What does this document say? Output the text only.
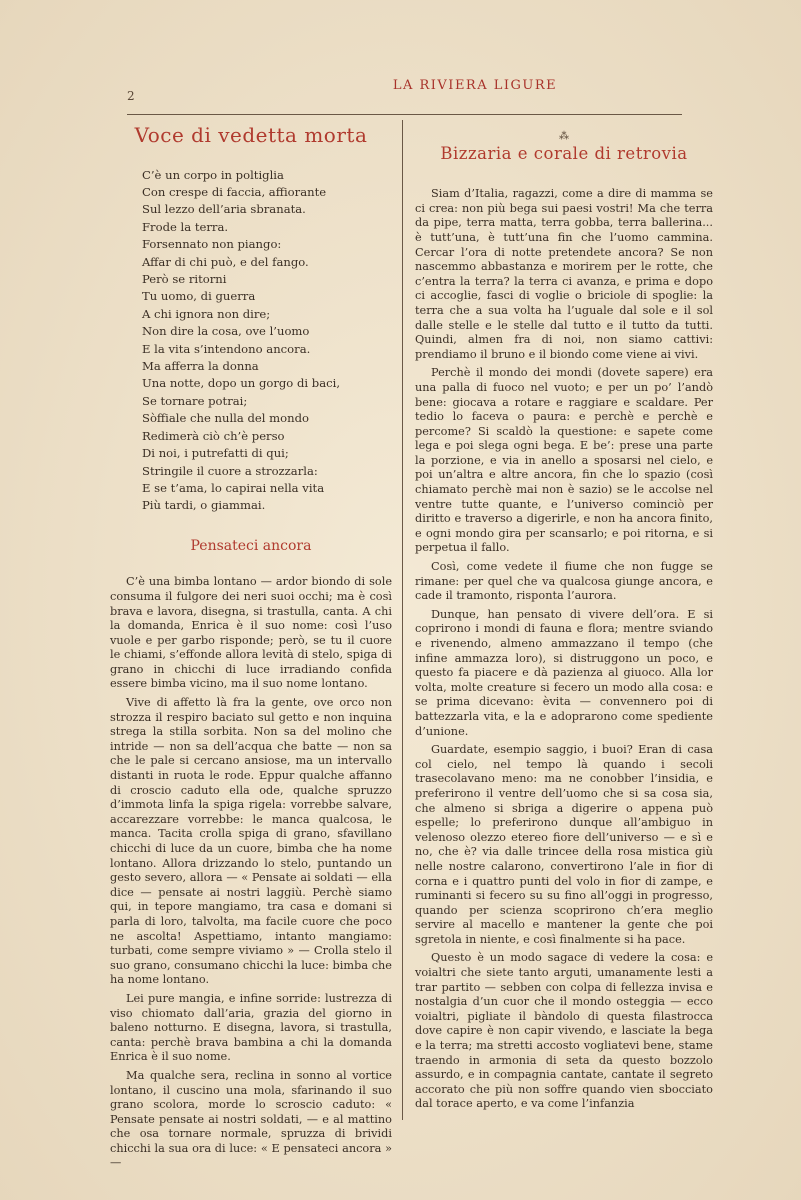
2
LA RIVIERA LIGURE
Voce di vedetta morta
C’è un corpo in poltiglia
Con crespe di faccia, affiorante
Sul lezzo dell’aria sbranata.
Frode la terra.
Forsennato non piango:
Affar di chi può, e del fango.
Però se ritorni
Tu uomo, di guerra
A chi ignora non dire;
Non dire la cosa, ove l’uomo
E la vita s’intendono ancora.
Ma afferra la donna
Una notte, dopo un gorgo di baci,
Se tornare potrai;
Sòffiale che nulla del mondo
Redimerà ciò ch’è perso
Di noi, i putrefatti di qui;
Stringile il cuore a strozzarla:
E se t’ama, lo capirai nella vita
Più tardi, o giammai.
Pensateci ancora

C’è una bimba lontano — ardor biondo di sole consuma il fulgore dei neri suoi occhi; ma è così brava e lavora, disegna, si trastulla, canta. A chi la domanda, Enrica è il suo nome: così l’uso vuole e per garbo risponde; però, se tu il cuore le chiami, s’effonde allora levità di stelo, spiga di grano in chicchi di luce irradiando confida essere bimba vicino, ma il suo nome lontano.

Vive di affetto là fra la gente, ove orco non strozza il respiro baciato sul getto e non inquina strega la stilla sorbita. Non sa del molino che intride — non sa dell’acqua che batte — non sa che le pale si cercano ansiose, ma un intervallo distanti in ruota le rode. Eppur qualche affanno di croscio caduto ella ode, qualche spruzzo d’immota linfa la spiga rigela: vorrebbe salvare, accarezzare vorrebbe: le manca qualcosa, le manca. Tacita crolla spiga di grano, sfavillano chicchi di luce da un cuore, bimba che ha nome lontano. Allora drizzando lo stelo, puntando un gesto severo, allora — « Pensate ai soldati — ella dice — pensate ai nostri laggiù. Perchè siamo qui, in tepore mangiamo, tra casa e domani si parla di loro, talvolta, ma facile cuore che poco ne ascolta! Aspettiamo, intanto mangiamo: turbati, come sempre viviamo » — Crolla stelo il suo grano, consumano chicchi la luce: bimba che ha nome lontano.

Lei pure mangia, e infine sorride: lustrezza di viso chiomato dall’aria, grazia del giorno in baleno notturno. E disegna, lavora, si trastulla, canta: perchè brava bambina a chi la domanda Enrica è il suo nome.

Ma qualche sera, reclina in sonno al vortice lontano, il cuscino una mola, sfarinando il suo grano scolora, morde lo scroscio caduto: « Pensate pensate ai nostri soldati, — e al mattino che osa tornare normale, spruzza di brividi chicchi la sua ora di luce: « E pensateci ancora » —

⁂
Bizzaria e corale di retrovia

Siam d’Italia, ragazzi, come a dire di mamma se ci crea: non più bega sui paesi vostri! Ma che terra da pipe, terra matta, terra gobba, terra ballerina... è tutt’una, è tutt’una fin che l’uomo cammina. Cercar l’ora di notte pretendete ancora? Se non nascemmo abbastanza e morirem per le rotte, che c’entra la terra? la terra ci avanza, e prima e dopo ci accoglie, fasci di voglie o briciole di spoglie: la terra che a sua volta ha l’uguale dal sole e il sol dalle stelle e le stelle dal tutto e il tutto da tutti. Quindi, almen fra di noi, non siamo cattivi: prendiamo il bruno e il biondo come viene ai vivi.

Perchè il mondo dei mondi (dovete sapere) era una palla di fuoco nel vuoto; e per un po’ l’andò bene: giocava a rotare e raggiare e scaldare. Per tedio lo faceva o paura: e perchè e perchè e percome? Si scaldò la questione: e sapete come lega e poi slega ogni bega. E be’: prese una parte la porzione, e via in anello a sposarsi nel cielo, e poi un’altra e altre ancora, fin che lo spazio (così chiamato perchè mai non è sazio) se le accolse nel ventre tutte quante, e l’universo cominciò per diritto e traverso a digerirle, e non ha ancora finito, e ogni mondo gira per scansarlo; e poi ritorna, e si perpetua il fallo.

Così, come vedete il fiume che non fugge se rimane: per quel che va qualcosa giunge ancora, e cade il tramonto, risponta l’aurora.

Dunque, han pensato di vivere dell’ora. E si coprirono i mondi di fauna e flora; mentre sviando e rivenendo, almeno ammazzano il tempo (che infine ammazza loro), si distruggono un poco, e questo fa piacere e dà pazienza al giuoco. Alla lor volta, molte creature si fecero un modo alla cosa: e se prima dicevano: èvita — convennero poi di battezzarla vita, e la e adoprarono come spediente d’unione.

Guardate, esempio saggio, i buoi? Eran di casa col cielo, nel tempo là quando i secoli trasecolavano meno: ma ne conobber l’insidia, e preferirono il ventre dell’uomo che si sa cosa sia, che almeno si sbriga a digerire o appena può espelle; lo preferirono dunque all’ambiguo in velenoso olezzo etereo fiore dell’universo — e sì e no, che è? via dalle trincee della rosa mistica giù nelle nostre calarono, convertirono l’ale in fior di corna e i quattro punti del volo in fior di zampe, e ruminanti si fecero su su fino all’oggi in progresso, quando per scienza scoprirono ch’era meglio servire al macello e mantener la gente che poi sgretola in niente, e così finalmente si ha pace.

Questo è un modo sagace di vedere la cosa: e voialtri che siete tanto arguti, umanamente lesti a trar partito — sebben con colpa di fellezza invisa e nostalgia d’un cuor che il mondo osteggia — ecco voialtri, pigliate il bàndolo di questa filastrocca dove capire è non capir vivendo, e lasciate la bega e la terra; ma stretti accosto vogliatevi bene, stame traendo in armonia di seta da questo bozzolo assurdo, e in compagnia cantate, cantate il segreto accorato che più non soffre quando vien sbocciato dal torace aperto, e va come l’infanzia
